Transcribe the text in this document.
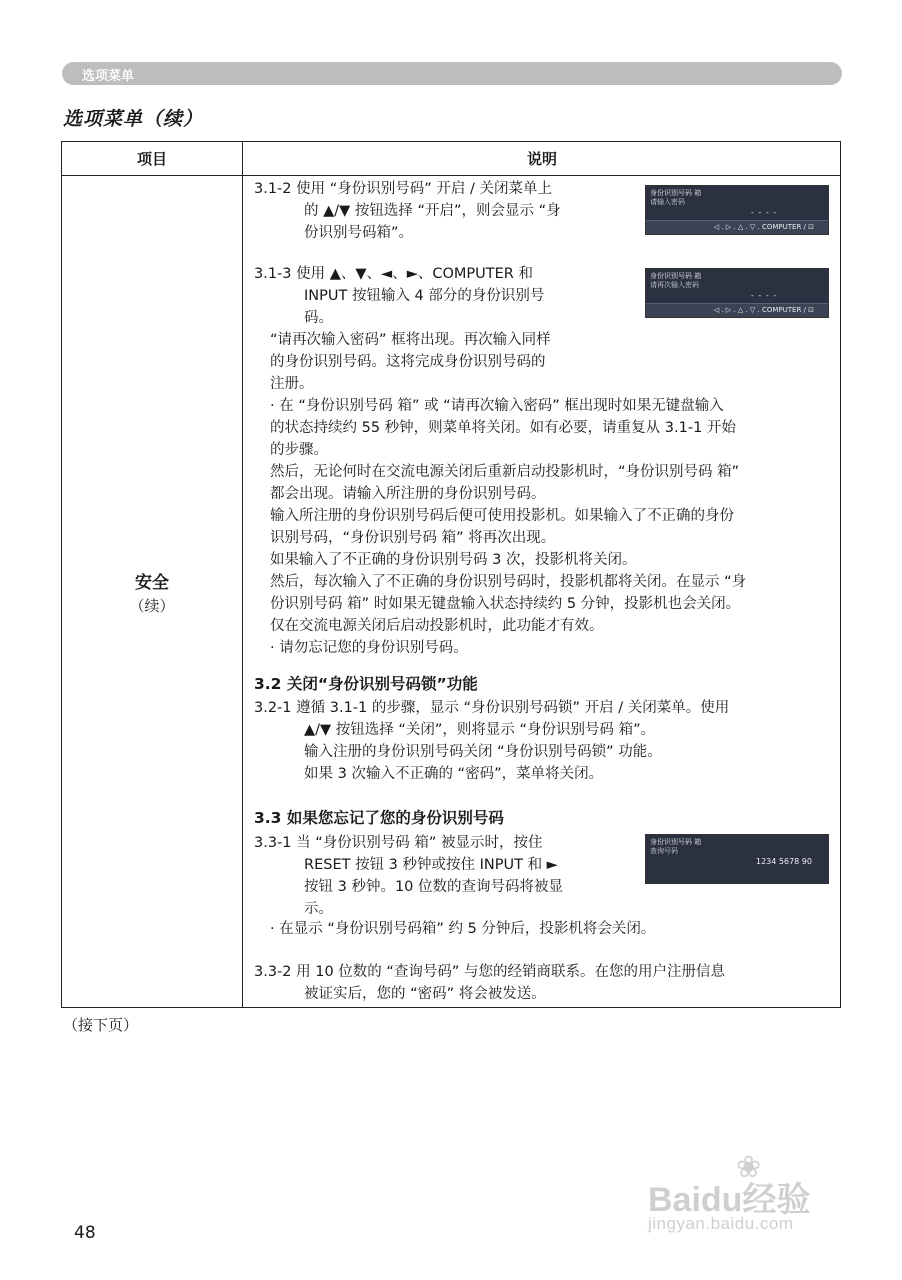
选项菜单
选项菜单（续）
项目	说明
安全
（续）
3.1-2 使用 “身份识别号码” 开启 / 关闭菜单上
的 ▲/▼ 按钮选择 “开启”，则会显示 “身
份识别号码箱”。
3.1-3 使用 ▲、▼、◄、►、COMPUTER 和
INPUT 按钮输入 4 部分的身份识别号
码。
“请再次输入密码” 框将出现。再次输入同样
的身份识别号码。这将完成身份识别号码的
注册。
· 在 “身份识别号码 箱” 或 “请再次输入密码” 框出现时如果无键盘输入
的状态持续约 55 秒钟，则菜单将关闭。如有必要，请重复从 3.1-1 开始
的步骤。
然后，无论何时在交流电源关闭后重新启动投影机时，“身份识别号码 箱”
都会出现。请输入所注册的身份识别号码。
输入所注册的身份识别号码后便可使用投影机。如果输入了不正确的身份
识别号码，“身份识别号码 箱” 将再次出现。
如果输入了不正确的身份识别号码 3 次，投影机将关闭。
然后，每次输入了不正确的身份识别号码时，投影机都将关闭。在显示 “身
份识别号码 箱” 时如果无键盘输入状态持续约 5 分钟，投影机也会关闭。
仅在交流电源关闭后启动投影机时，此功能才有效。
· 请勿忘记您的身份识别号码。
3.2 关闭“身份识别号码锁”功能
3.2-1 遵循 3.1-1 的步骤，显示 “身份识别号码锁” 开启 / 关闭菜单。使用
▲/▼ 按钮选择 “关闭”，则将显示 “身份识别号码 箱”。
输入注册的身份识别号码关闭 “身份识别号码锁” 功能。
如果 3 次输入不正确的 “密码”，菜单将关闭。
3.3 如果您忘记了您的身份识别号码
3.3-1 当 “身份识别号码 箱” 被显示时，按住
RESET 按钮 3 秒钟或按住 INPUT 和 ►
按钮 3 秒钟。10 位数的查询号码将被显
示。
· 在显示 “身份识别号码箱” 约 5 分钟后，投影机将会关闭。
3.3-2 用 10 位数的 “查询号码” 与您的经销商联系。在您的用户注册信息
被证实后，您的 “密码” 将会被发送。
身份识别号码 箱
请输入密码
- - - -
◁ . ▷ . △ . ▽ . COMPUTER / ⊡
身份识别号码 箱
请再次输入密码
- - - -
◁ . ▷ . △ . ▽ . COMPUTER / ⊡
身份识别号码 箱
查询号码
1234 5678 90
（接下页）
48
❀
Baidu经验
jingyan.baidu.com
